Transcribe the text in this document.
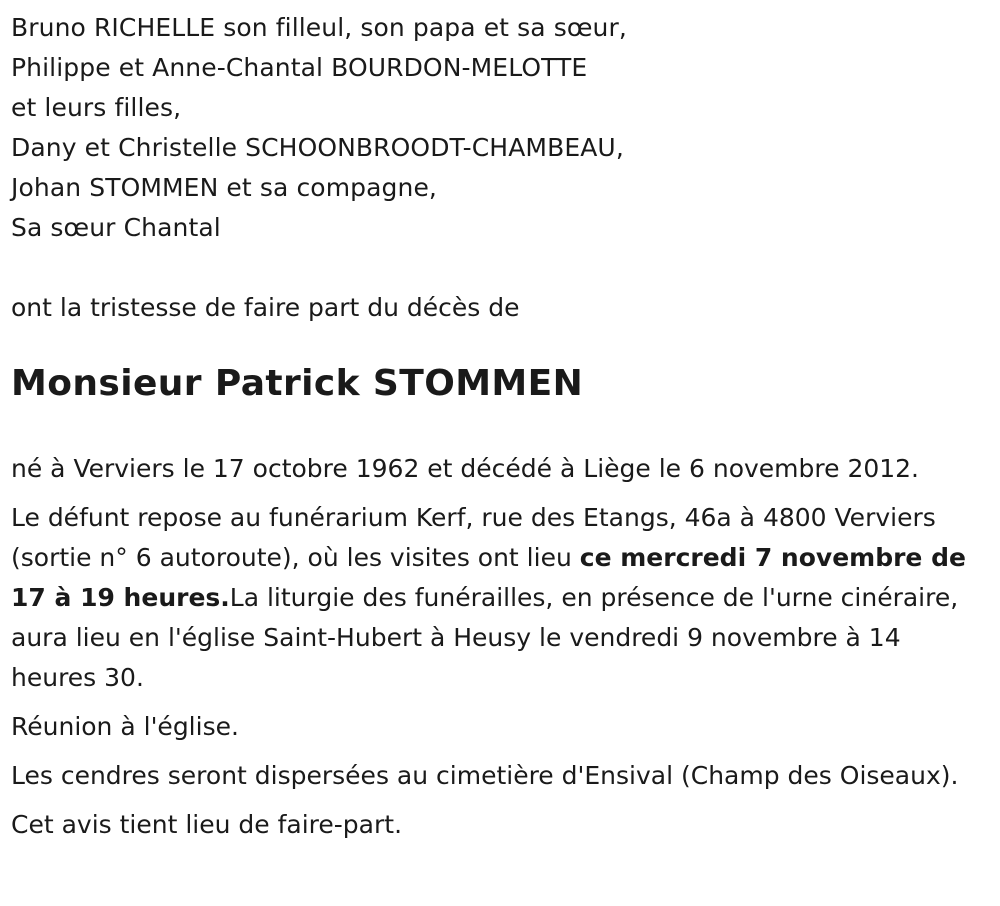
Bruno RICHELLE son filleul, son papa et sa sœur,
Philippe et Anne-Chantal BOURDON-MELOTTE
et leurs filles,
Dany et Christelle SCHOONBROODT-CHAMBEAU,
Johan STOMMEN et sa compagne,
Sa sœur Chantal
ont la tristesse de faire part du décès de
Monsieur Patrick STOMMEN

né à Verviers le 17 octobre 1962 et décédé à Liège le 6 novembre 2012.

Le défunt repose au funérarium Kerf, rue des Etangs, 46a à 4800 Verviers (sortie n° 6 autoroute), où les visites ont lieu ce mercredi 7 novembre de 17 à 19 heures.La liturgie des funérailles, en présence de l'urne cinéraire, aura lieu en l'église Saint-Hubert à Heusy le vendredi 9 novembre à 14 heures 30.

Réunion à l'église.

Les cendres seront dispersées au cimetière d'Ensival (Champ des Oiseaux).

Cet avis tient lieu de faire-part.
